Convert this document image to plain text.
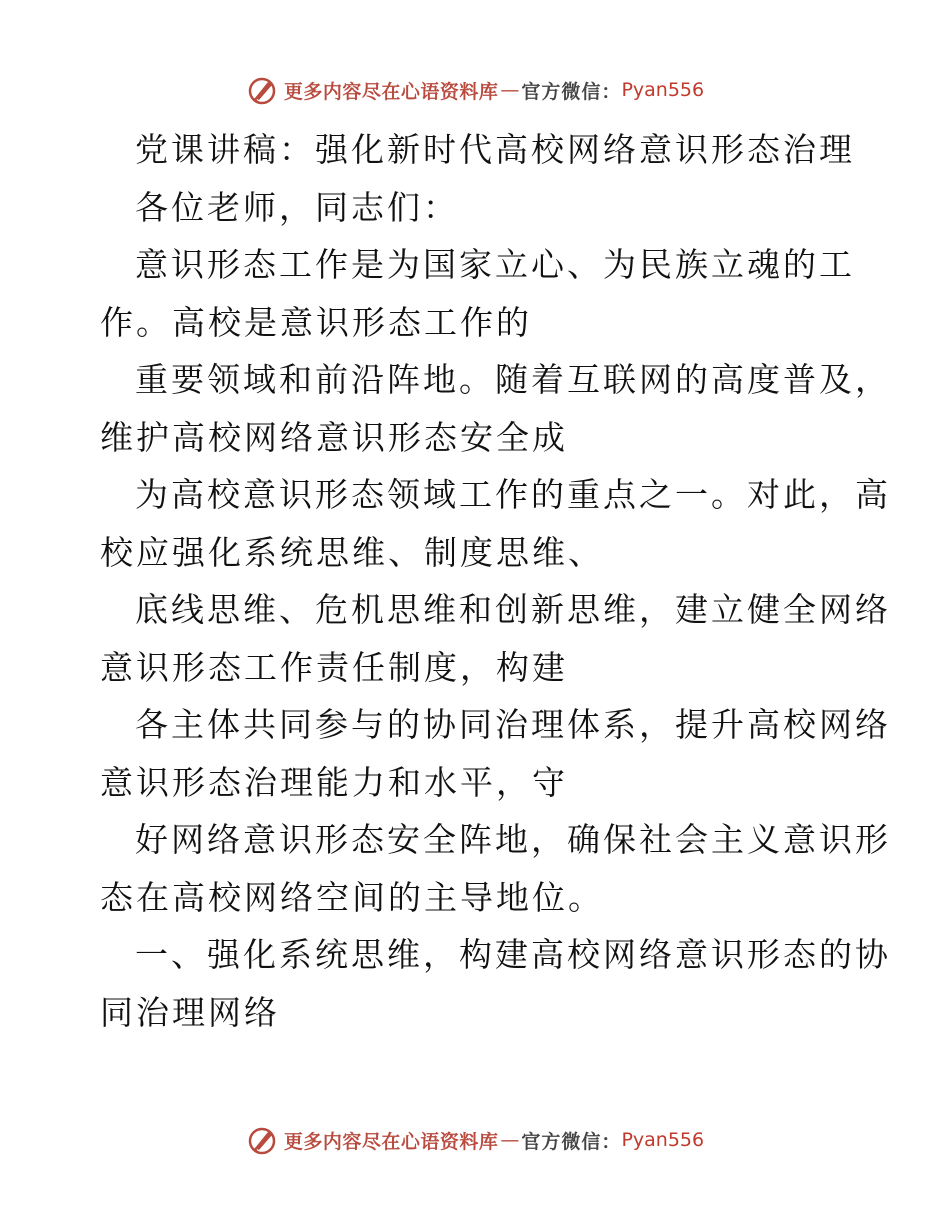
更多内容尽在心语资料库 — 官方微信： Pyan556
党课讲稿：强化新时代高校网络意识形态治理
各位老师，同志们：
意识形态工作是为国家立心、为民族立魂的工
作。高校是意识形态工作的
重要领域和前沿阵地。随着互联网的高度普及，
维护高校网络意识形态安全成
为高校意识形态领域工作的重点之一。对此，高
校应强化系统思维、制度思维、
底线思维、危机思维和创新思维，建立健全网络
意识形态工作责任制度，构建
各主体共同参与的协同治理体系，提升高校网络
意识形态治理能力和水平，守
好网络意识形态安全阵地，确保社会主义意识形
态在高校网络空间的主导地位。
一、强化系统思维，构建高校网络意识形态的协
同治理网络
更多内容尽在心语资料库 — 官方微信： Pyan556
